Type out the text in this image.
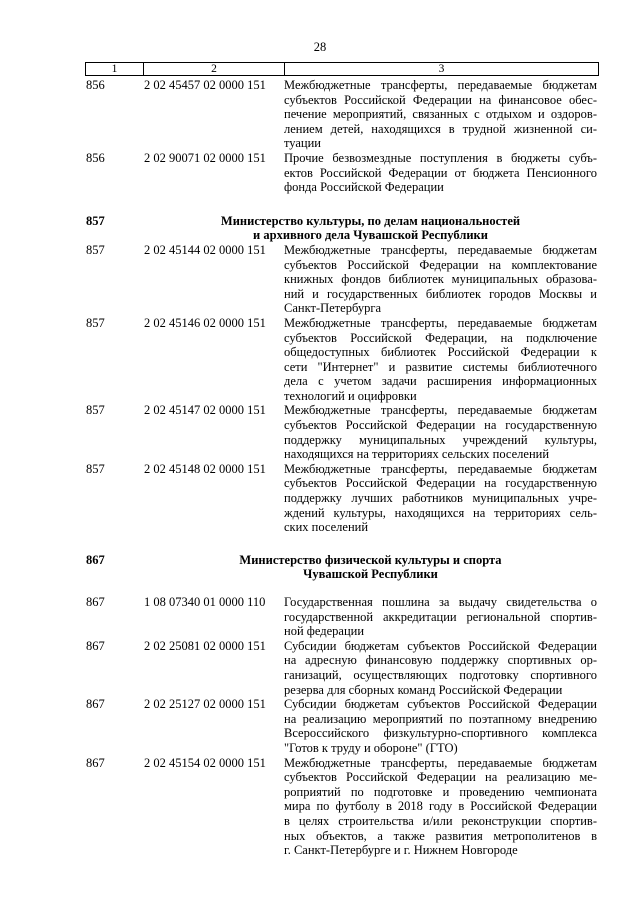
28
1	2	3
856	2 02 45457 02 0000 151	Межбюджетные трансферты, передаваемые бюджетам
субъектов Российской Федерации на финансовое обес-
печение мероприятий, связанных с отдыхом и оздоров-
лением детей, находящихся в трудной жизненной си-
туации
856	2 02 90071 02 0000 151	Прочие безвозмездные поступления в бюджеты субъ-
ектов Российской Федерации от бюджета Пенсионного
фонда Российской Федерации
857	Министерство культуры, по делам национальностей
и архивного дела Чувашской Республики
857	2 02 45144 02 0000 151	Межбюджетные трансферты, передаваемые бюджетам
субъектов Российской Федерации на комплектование
книжных фондов библиотек муниципальных образова-
ний и государственных библиотек городов Москвы и
Санкт-Петербурга
857	2 02 45146 02 0000 151	Межбюджетные трансферты, передаваемые бюджетам
субъектов Российской Федерации, на подключение
общедоступных библиотек Российской Федерации к
сети "Интернет" и развитие системы библиотечного
дела с учетом задачи расширения информационных
технологий и оцифровки
857	2 02 45147 02 0000 151	Межбюджетные трансферты, передаваемые бюджетам
субъектов Российской Федерации на государственную
поддержку муниципальных учреждений культуры,
находящихся на территориях сельских поселений
857	2 02 45148 02 0000 151	Межбюджетные трансферты, передаваемые бюджетам
субъектов Российской Федерации на государственную
поддержку лучших работников муниципальных учре-
ждений культуры, находящихся на территориях сель-
ских поселений
867	Министерство физической культуры и спорта
Чувашской Республики
867	1 08 07340 01 0000 110	Государственная пошлина за выдачу свидетельства о
государственной аккредитации региональной спортив-
ной федерации
867	2 02 25081 02 0000 151	Субсидии бюджетам субъектов Российской Федерации
на адресную финансовую поддержку спортивных ор-
ганизаций, осуществляющих подготовку спортивного
резерва для сборных команд Российской Федерации
867	2 02 25127 02 0000 151	Субсидии бюджетам субъектов Российской Федерации
на реализацию мероприятий по поэтапному внедрению
Всероссийского физкультурно-спортивного комплекса
"Готов к труду и обороне" (ГТО)
867	2 02 45154 02 0000 151	Межбюджетные трансферты, передаваемые бюджетам
субъектов Российской Федерации на реализацию ме-
роприятий по подготовке и проведению чемпионата
мира по футболу в 2018 году в Российской Федерации
в целях строительства и/или реконструкции спортив-
ных объектов, а также развития метрополитенов в
г. Санкт-Петербурге и г. Нижнем Новгороде
